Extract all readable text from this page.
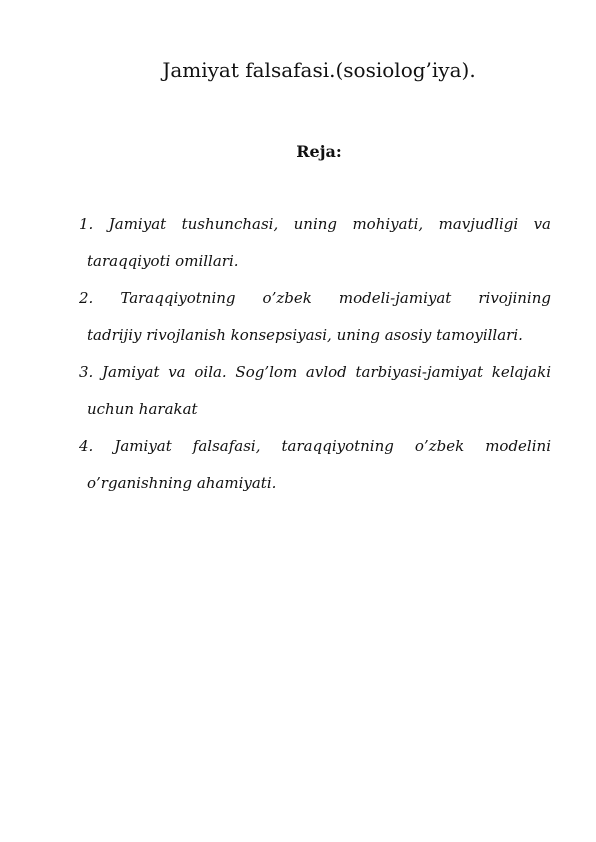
Jamiyat falsafasi.(sosiolog’iya).
Reja:
1. Jamiyat tushunchasi, uning mohiyati, mavjudligi va
taraqqiyoti omillari.
2. Taraqqiyotning o’zbek modeli-jamiyat rivojining
tadrijiy rivojlanish konsepsiyasi, uning asosiy tamoyillari.
3. Jamiyat va oila. Sog’lom avlod tarbiyasi-jamiyat kelajaki
uchun harakat
4. Jamiyat falsafasi, taraqqiyotning o’zbek modelini
o’rganishning ahamiyati.
